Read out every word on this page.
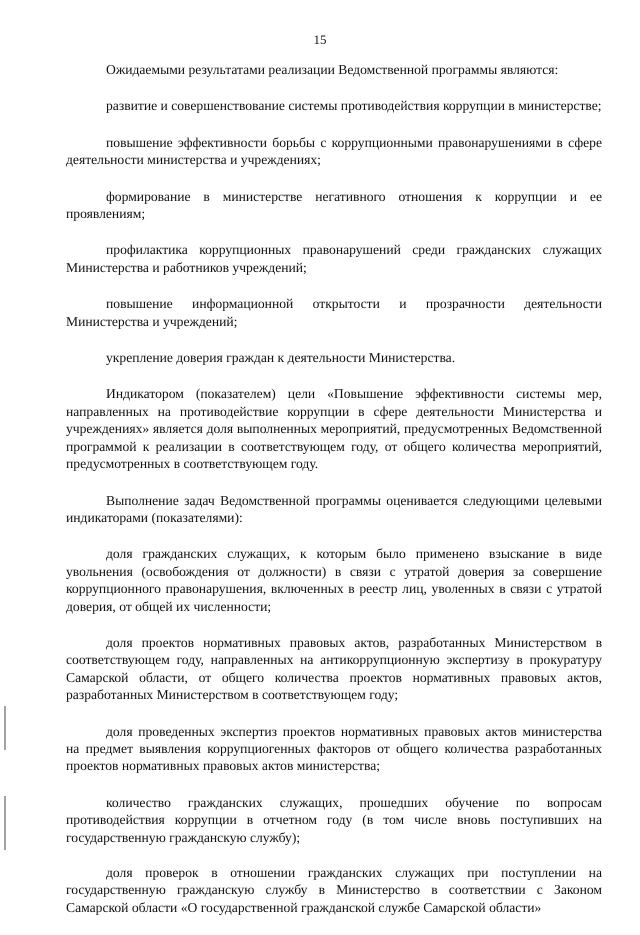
15

Ожидаемыми результатами реализации Ведомственной программы являются:

развитие и совершенствование системы противодействия коррупции в министерстве;

повышение эффективности борьбы с коррупционными правонарушениями в сфере деятельности министерства и учреждениях;

формирование в министерстве негативного отношения к коррупции и ее проявлениям;

профилактика коррупционных правонарушений среди гражданских служащих Министерства и работников учреждений;

повышение информационной открытости и прозрачности деятельности Министерства и учреждений;

укрепление доверия граждан к деятельности Министерства.

Индикатором (показателем) цели «Повышение эффективности системы мер, направленных на противодействие коррупции в сфере деятельности Министерства и учреждениях» является доля выполненных мероприятий, предусмотренных Ведомственной программой к реализации в соответствующем году, от общего количества мероприятий, предусмотренных в соответствующем году.

Выполнение задач Ведомственной программы оценивается следующими целевыми индикаторами (показателями):

доля гражданских служащих, к которым было применено взыскание в виде увольнения (освобождения от должности) в связи с утратой доверия за совершение коррупционного правонарушения, включенных в реестр лиц, уволенных в связи с утратой доверия, от общей их численности;

доля проектов нормативных правовых актов, разработанных Министерством в соответствующем году, направленных на антикоррупционную экспертизу в прокуратуру Самарской области, от общего количества проектов нормативных правовых актов, разработанных Министерством в соответствующем году;

доля проведенных экспертиз проектов нормативных правовых актов министерства на предмет выявления коррупциогенных факторов от общего количества разработанных проектов нормативных правовых актов министерства;

количество гражданских служащих, прошедших обучение по вопросам противодействия коррупции в отчетном году (в том числе вновь поступивших на государственную гражданскую службу);

доля проверок в отношении гражданских служащих при поступлении на государственную гражданскую службу в Министерство в соответствии с Законом Самарской области «О государственной гражданской службе Самарской области»
